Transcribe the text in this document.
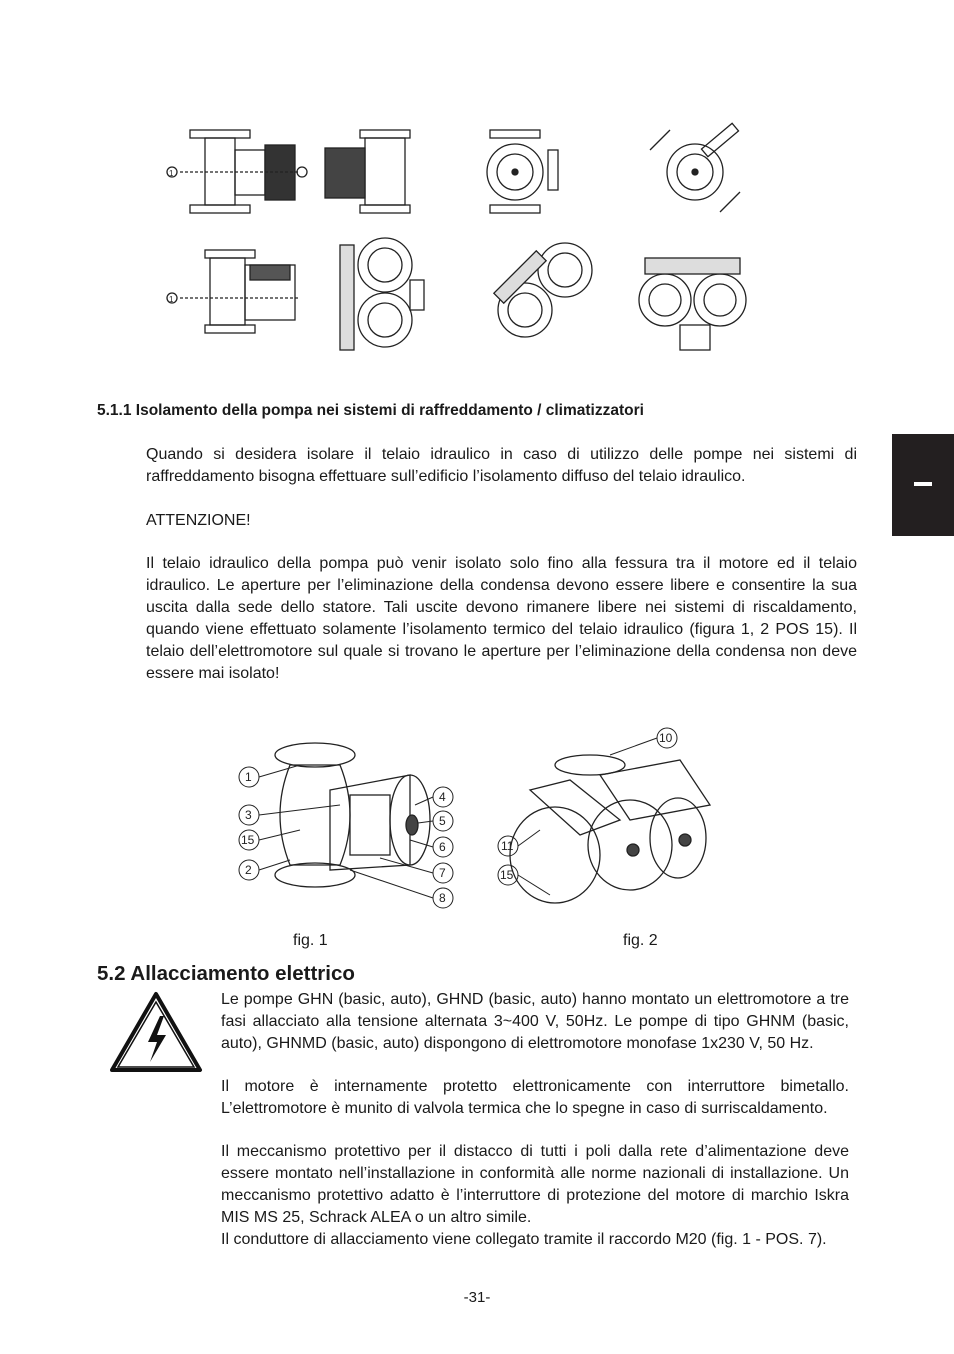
1
1
5.1.1 Isolamento della pompa nei sistemi di raffreddamento / climatizzatori

Quando si desidera isolare il telaio idraulico in caso di utilizzo delle pompe nei sistemi di raffreddamento bisogna effettuare sull’edificio l’isolamento diffuso del telaio idraulico.

ATTENZIONE!

Il telaio idraulico della pompa può venir isolato solo fino alla fessura tra il motore ed il telaio idraulico. Le aperture per l’eliminazione della condensa devono essere libere e consentire la sua uscita dalla sede dello statore. Tali uscite devono rimanere libere nei sistemi di riscaldamento, quando viene effettuato solamente l’isolamento termico del telaio idraulico (figura 1, 2 POS 15). Il telaio dell’elettromotore sul quale si trovano le aperture per l’eliminazione della condensa non deve essere mai isolato!

1
3
15
2
4
5
6
7
8
10
11
15
fig. 1	fig. 2
5.2 Allacciamento elettrico

Le pompe GHN (basic, auto), GHND (basic, auto) hanno montato un elettromotore a tre fasi allacciato alla tensione alternata 3~400 V, 50Hz. Le pompe di tipo GHNM (basic, auto), GHNMD (basic, auto) dispongono di elettromotore monofase 1x230 V, 50 Hz.

Il motore è internamente protetto elettronicamente con interruttore bimetallo. L’elettromotore è munito di valvola termica che lo spegne in caso di surriscaldamento.

Il meccanismo protettivo per il distacco di tutti i poli dalla rete d’alimentazione deve essere montato nell’installazione in conformità alle norme nazionali di installazione. Un meccanismo protettivo adatto è l’interruttore di protezione del motore di marchio Iskra MIS MS 25, Schrack ALEA o un altro simile.

Il conduttore di allacciamento viene collegato tramite il raccordo M20 (fig. 1 - POS. 7).

-31-
